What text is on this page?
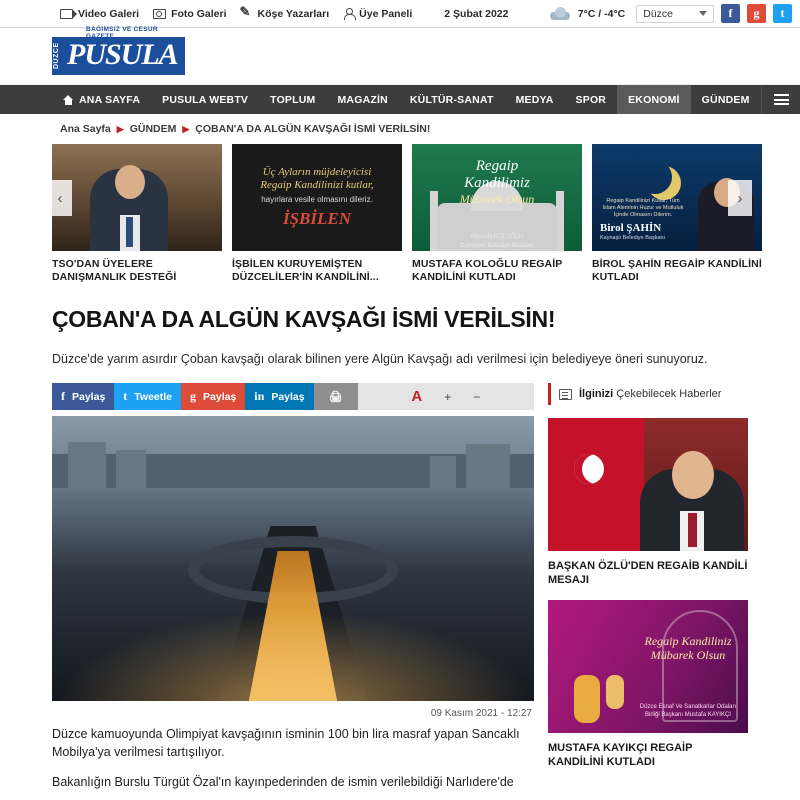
Video Galeri	Foto Galeri ✎	Köşe Yazarları	Üye Paneli	2 Şubat 2022	7°C / -4°C Düzce	f	g	t
BAĞIMSIZ VE CESUR GAZETE
DÜZCE PUSULA
ANA SAYFA	PUSULA WEBTV	TOPLUM	MAGAZİN	KÜLTÜR-SANAT	MEDYA	SPOR	EKONOMİ	GÜNDEM
Ana Sayfa ▶ GÜNDEM ▶ ÇOBAN'A DA ALGÜN KAVŞAĞI İSMİ VERİLSİN!
‹
TSO'DAN ÜYELERE DANIŞMANLIK DESTEĞİ
Üç Ayların müjdeleyicisi
Regaip Kandilinizi kutlar,
hayırlara vesile olmasını dileriz.
İŞBİLEN
İŞBİLEN KURUYEMİŞTEN DÜZCELİLER'İN KANDİLİNİ...
Regaip
Kandilimiz
Mübarek Olsun
Mustafa KOLOĞLU
Cumayeri Belediye Başkanı
MUSTAFA KOLOĞLU REGAİP KANDİLİNİ KUTLADI
Regaip Kandilinizi Kutlar, Tüm İslam Aleminin Huzur ve Mutluluk İçinde Olmasını Dilerim.
Birol ŞAHİN
Kaynaşlı Belediye Başkanı
BİROL ŞAHİN REGAİP KANDİLİNİ KUTLADI
›
ÇOBAN'A DA ALGÜN KAVŞAĞI İSMİ VERİLSİN!
Düzce'de yarım asırdır Çoban kavşağı olarak bilinen yere Algün Kavşağı adı verilmesi için belediyeye öneri sunuyoruz.
f Paylaş t Tweetle g Paylaş in Paylaş 🖨	A + −
09 Kasım 2021 - 12:27

Düzce kamuoyunda Olimpiyat kavşağının isminin 100 bin lira masraf yapan Sancaklı Mobilya'ya verilmesi tartışılıyor.

Bakanlığın Burslu Türgüt Özal'ın kayınpederinden de ismin verilebildiği Narlıdere'de

İlginizi Çekebilecek Haberler
BAŞKAN ÖZLÜ'DEN REGAİB KANDİLİ MESAJI
Regaip Kandiliniz
Mübarek Olsun
Düzce Esnaf Ve Sanatkarlar Odaları Birliği Başkanı Mustafa KAYIKÇI
MUSTAFA KAYIKÇI REGAİP KANDİLİNİ KUTLADI
